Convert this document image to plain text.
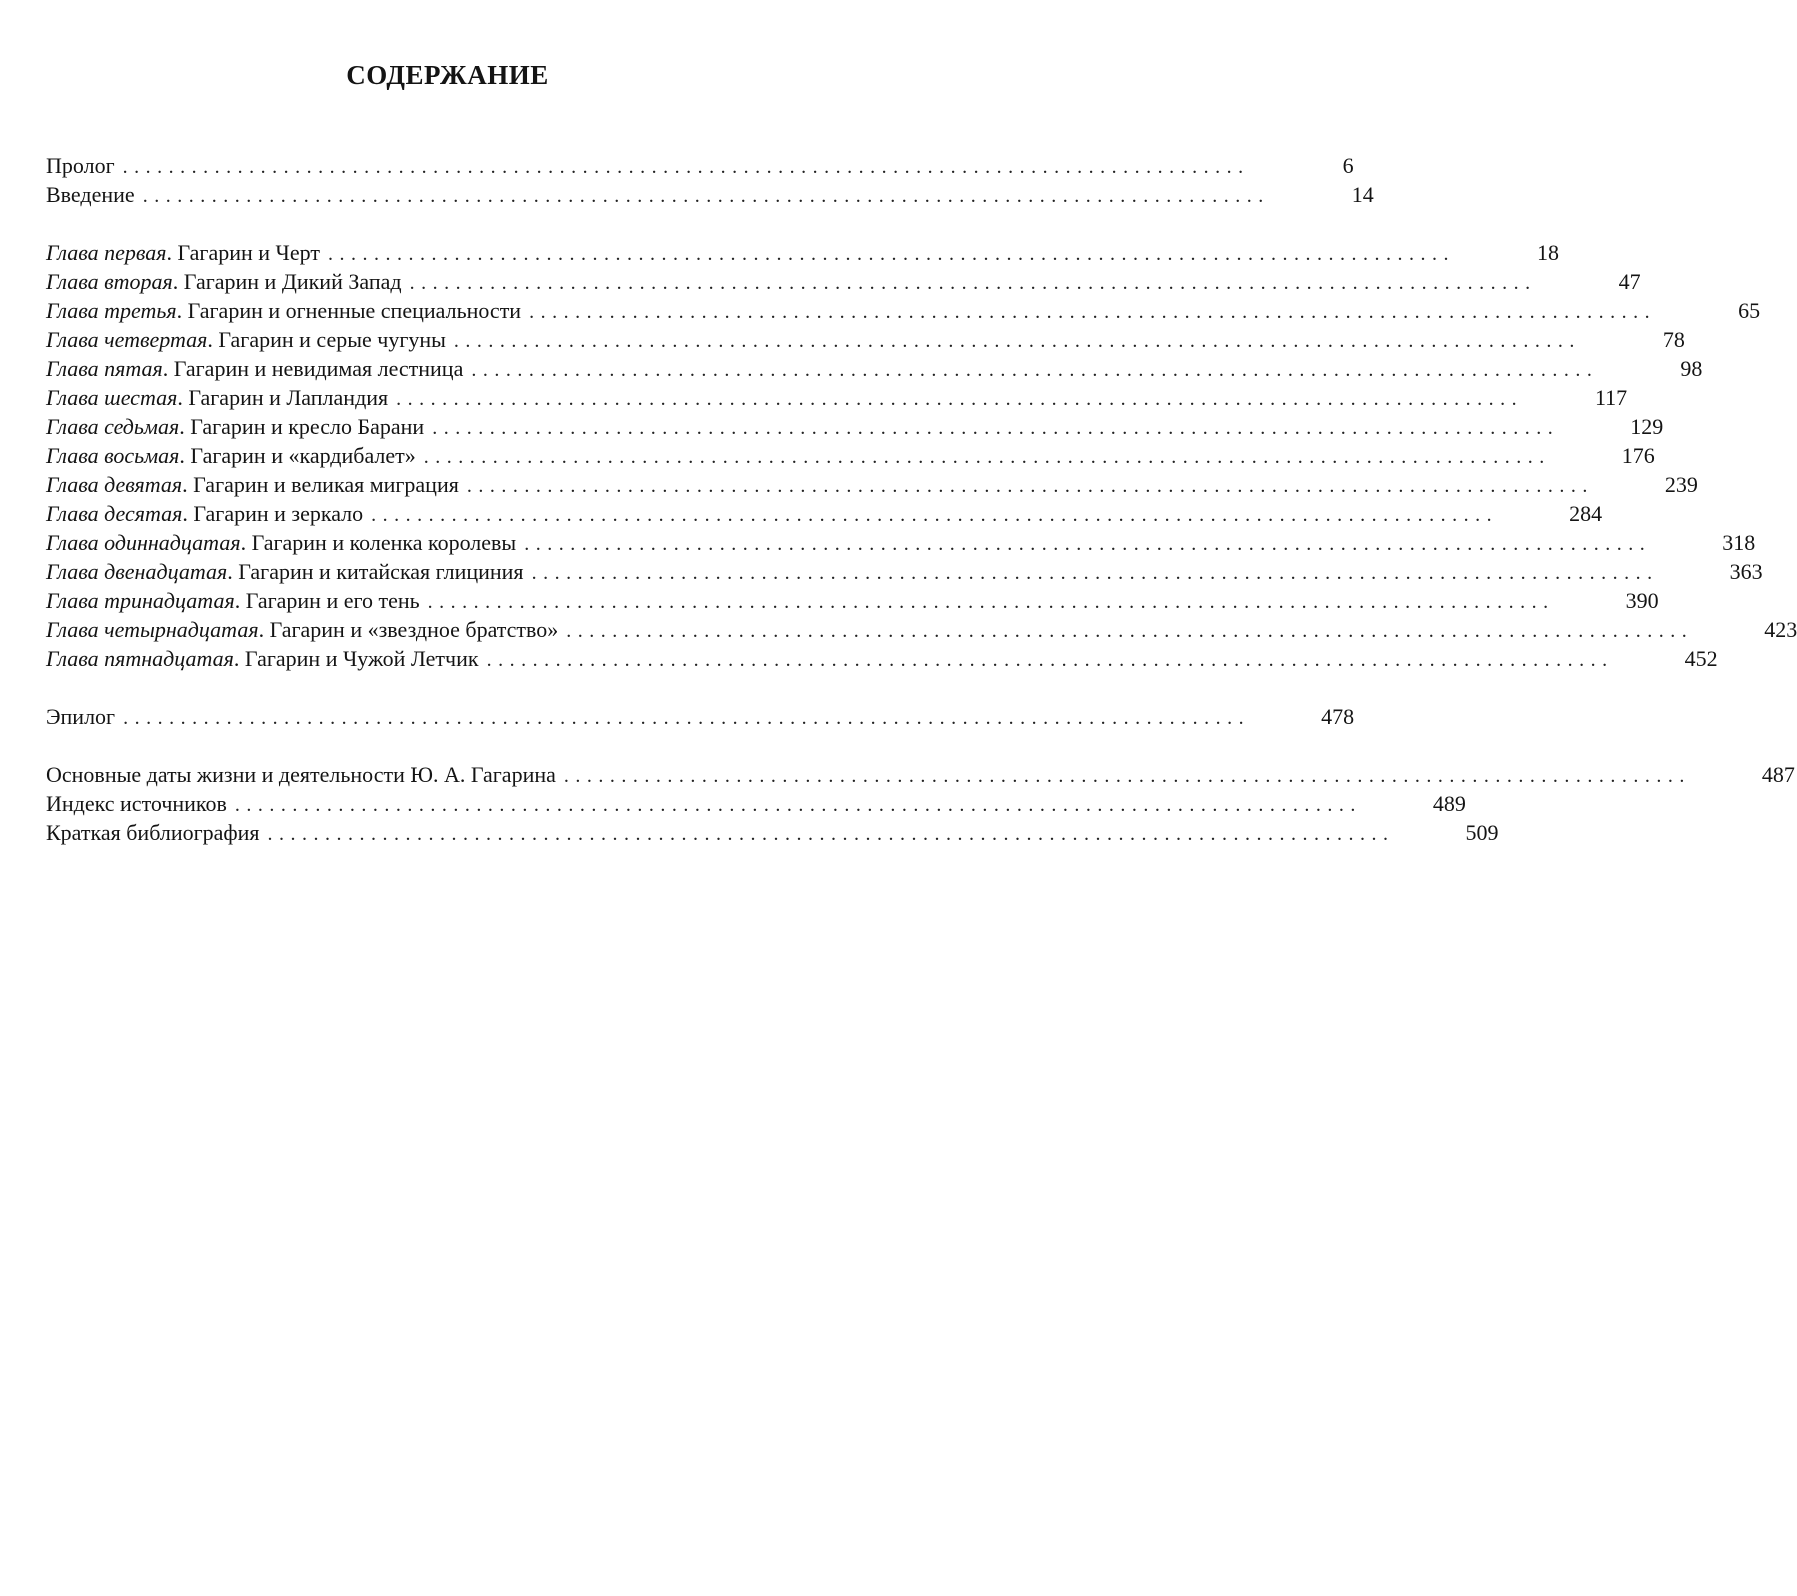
СОДЕРЖАНИЕ
Пролог ..................................................................................................	6
Введение ..................................................................................................	14
Глава первая. Гагарин и Черт ..................................................................................................	18
Глава вторая. Гагарин и Дикий Запад ..................................................................................................	47
Глава третья. Гагарин и огненные специальности ..................................................................................................	65
Глава четвертая. Гагарин и серые чугуны ..................................................................................................	78
Глава пятая. Гагарин и невидимая лестница ..................................................................................................	98
Глава шестая. Гагарин и Лапландия ..................................................................................................	117
Глава седьмая. Гагарин и кресло Барани ..................................................................................................	129
Глава восьмая. Гагарин и «кардибалет» ..................................................................................................	176
Глава девятая. Гагарин и великая миграция ..................................................................................................	239
Глава десятая. Гагарин и зеркало ..................................................................................................	284
Глава одиннадцатая. Гагарин и коленка королевы ..................................................................................................	318
Глава двенадцатая. Гагарин и китайская глициния ..................................................................................................	363
Глава тринадцатая. Гагарин и его тень ..................................................................................................	390
Глава четырнадцатая. Гагарин и «звездное братство» ..................................................................................................	423
Глава пятнадцатая. Гагарин и Чужой Летчик ..................................................................................................	452
Эпилог ..................................................................................................	478
Основные даты жизни и деятельности Ю. А. Гагарина ..................................................................................................	487
Индекс источников ..................................................................................................	489
Краткая библиография ..................................................................................................	509
